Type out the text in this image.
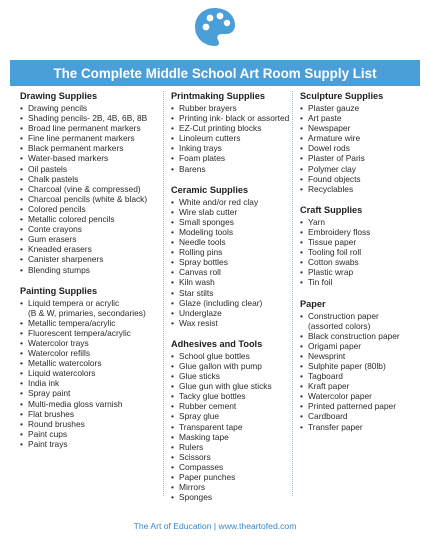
The Complete Middle School Art Room Supply List
Drawing Supplies
• Drawing pencils
• Shading pencils- 2B, 4B, 6B, 8B
• Broad line permanent markers
• Fine line permanent markers
• Black permanent markers
• Water-based markers
• Oil pastels
• Chalk pastels
• Charcoal (vine & compressed)
• Charcoal pencils (white & black)
• Colored pencils
• Metallic colored pencils
• Conte crayons
• Gum erasers
• Kneaded erasers
• Canister sharpeners
• Blending stumps
Painting Supplies
• Liquid tempera or acrylic
(B & W, primaries, secondaries)
• Metallic tempera/acrylic
• Fluorescent tempera/acrylic
• Watercolor trays
• Watercolor refills
• Metallic watercolors
• Liquid watercolors
• India ink
• Spray paint
• Multi-media gloss varnish
• Flat brushes
• Round brushes
• Paint cups
• Paint trays
Printmaking Supplies
• Rubber brayers
• Printing ink- black or assorted
• EZ-Cut printing blocks
• Linoleum cutters
• Inking trays
• Foam plates
• Barens
Ceramic Supplies
• White and/or red clay
• Wire slab cutter
• Small sponges
• Modeling tools
• Needle tools
• Rolling pins
• Spray bottles
• Canvas roll
• Kiln wash
• Star stilts
• Glaze (including clear)
• Underglaze
• Wax resist
Adhesives and Tools
• School glue bottles
• Glue gallon with pump
• Glue sticks
• Glue gun with glue sticks
• Tacky glue bottles
• Rubber cement
• Spray glue
• Transparent tape
• Masking tape
• Rulers
• Scissors
• Compasses
• Paper punches
• Mirrors
• Sponges
Sculpture Supplies
• Plaster gauze
• Art paste
• Newspaper
• Armature wire
• Dowel rods
• Plaster of Paris
• Polymer clay
• Found objects
• Recyclables
Craft Supplies
• Yarn
• Embroidery floss
• Tissue paper
• Tooling foil roll
• Cotton swabs
• Plastic wrap
• Tin foil
Paper
• Construction paper
(assorted colors)
• Black construction paper
• Origami paper
• Newsprint
• Sulphite paper (80lb)
• Tagboard
• Kraft paper
• Watercolor paper
• Printed patterned paper
• Cardboard
• Transfer paper
The Art of Education | www.theartofed.com
